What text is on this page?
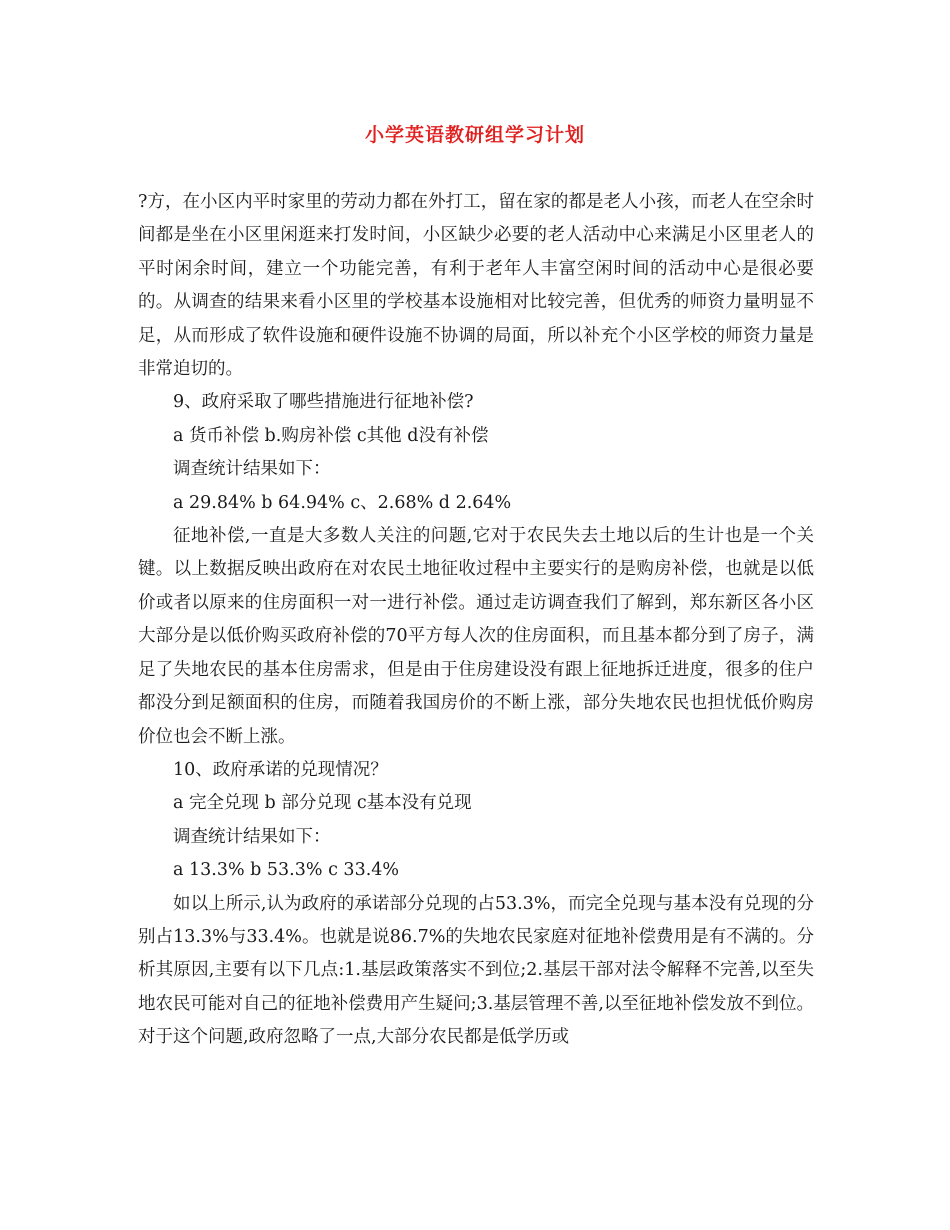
小学英语教研组学习计划

?方，在小区内平时家里的劳动力都在外打工，留在家的都是老人小孩，而老人在空余时间都是坐在小区里闲逛来打发时间，小区缺少必要的老人活动中心来满足小区里老人的平时闲余时间，建立一个功能完善，有利于老年人丰富空闲时间的活动中心是很必要的。从调查的结果来看小区里的学校基本设施相对比较完善，但优秀的师资力量明显不足，从而形成了软件设施和硬件设施不协调的局面，所以补充个小区学校的师资力量是非常迫切的。

9、政府采取了哪些措施进行征地补偿?

a 货币补偿 b.购房补偿 c其他 d没有补偿

调查统计结果如下：

a 29.84% b 64.94% c、2.68% d 2.64%

征地补偿,一直是大多数人关注的问题,它对于农民失去土地以后的生计也是一个关键。以上数据反映出政府在对农民土地征收过程中主要实行的是购房补偿，也就是以低价或者以原来的住房面积一对一进行补偿。通过走访调查我们了解到，郑东新区各小区大部分是以低价购买政府补偿的70平方每人次的住房面积，而且基本都分到了房子，满足了失地农民的基本住房需求，但是由于住房建设没有跟上征地拆迁进度，很多的住户都没分到足额面积的住房，而随着我国房价的不断上涨，部分失地农民也担忧低价购房价位也会不断上涨。

10、政府承诺的兑现情况？

a 完全兑现 b 部分兑现 c基本没有兑现

调查统计结果如下：

a 13.3% b 53.3% c 33.4%

如以上所示,认为政府的承诺部分兑现的占53.3%，而完全兑现与基本没有兑现的分别占13.3%与33.4%。也就是说86.7%的失地农民家庭对征地补偿费用是有不满的。分析其原因,主要有以下几点:1.基层政策落实不到位;2.基层干部对法令解释不完善,以至失地农民可能对自己的征地补偿费用产生疑问;3.基层管理不善,以至征地补偿发放不到位。对于这个问题,政府忽略了一点,大部分农民都是低学历或
